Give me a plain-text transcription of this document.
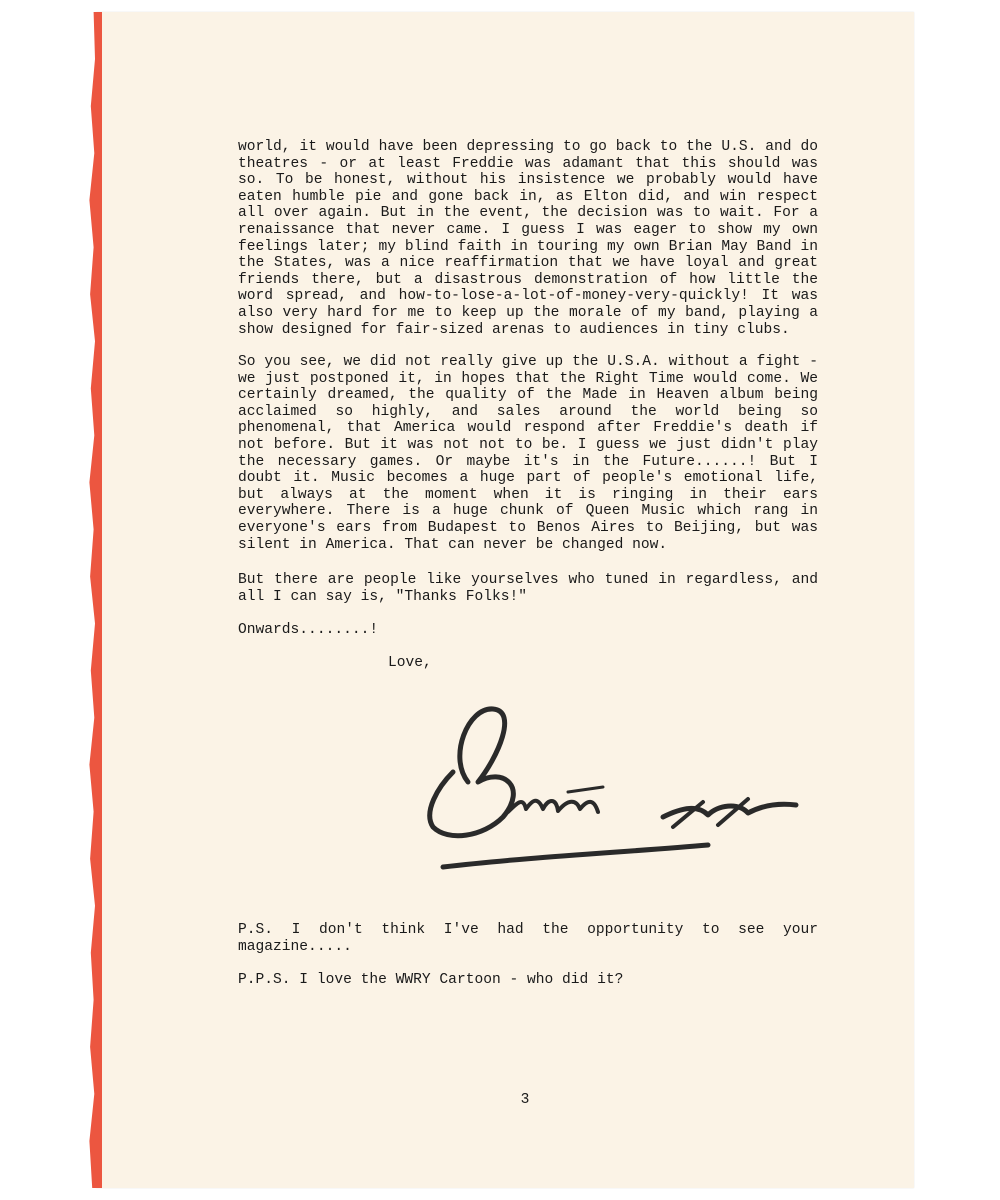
world, it would have been depressing to go back to the U.S. and do theatres - or at least Freddie was adamant that this should was so. To be honest, without his insistence we probably would have eaten humble pie and gone back in, as Elton did, and win respect all over again. But in the event, the decision was to wait. For a renaissance that never came. I guess I was eager to show my own feelings later; my blind faith in touring my own Brian May Band in the States, was a nice reaffirmation that we have loyal and great friends there, but a disastrous demonstration of how little the word spread, and how-to-lose-a-lot-of-money-very-quickly! It was also very hard for me to keep up the morale of my band, playing a show designed for fair-sized arenas to audiences in tiny clubs.
So you see, we did not really give up the U.S.A. without a fight - we just postponed it, in hopes that the Right Time would come. We certainly dreamed, the quality of the Made in Heaven album being acclaimed so highly, and sales around the world being so phenomenal, that America would respond after Freddie's death if not before. But it was not not to be. I guess we just didn't play the necessary games. Or maybe it's in the Future......! But I doubt it. Music becomes a huge part of people's emotional life, but always at the moment when it is ringing in their ears everywhere. There is a huge chunk of Queen Music which rang in everyone's ears from Budapest to Benos Aires to Beijing, but was silent in America. That can never be changed now.
But there are people like yourselves who tuned in regardless, and all I can say is, "Thanks Folks!"
Onwards........!
Love,
P.S. I don't think I've had the opportunity to see your magazine.....
P.P.S. I love the WWRY Cartoon - who did it?
3
